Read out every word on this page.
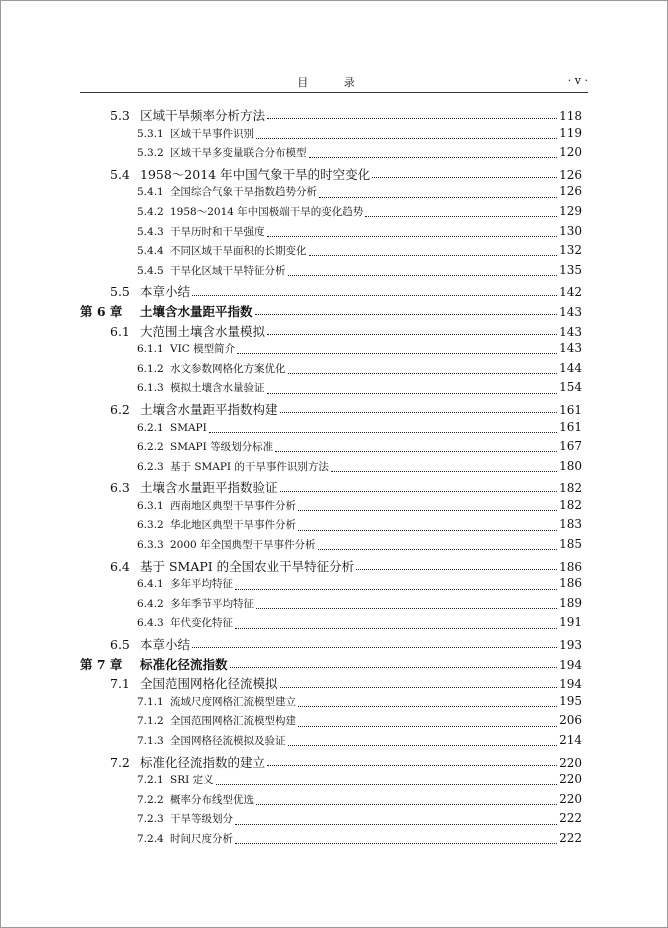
目 录	· v ·
5.3 区域干旱频率分析方法	118
5.3.1 区域干旱事件识别	119
5.3.2 区域干旱多变量联合分布模型	120
5.4 1958～2014 年中国气象干旱的时空变化	126
5.4.1 全国综合气象干旱指数趋势分析	126
5.4.2 1958～2014 年中国极端干旱的变化趋势	129
5.4.3 干旱历时和干旱强度	130
5.4.4 不同区域干旱面积的长期变化	132
5.4.5 干旱化区域干旱特征分析	135
5.5 本章小结	142
第 6 章	土壤含水量距平指数	143
6.1 大范围土壤含水量模拟	143
6.1.1 VIC 模型简介	143
6.1.2 水文参数网格化方案优化	144
6.1.3 模拟土壤含水量验证	154
6.2 土壤含水量距平指数构建	161
6.2.1 SMAPI	161
6.2.2 SMAPI 等级划分标准	167
6.2.3 基于 SMAPI 的干旱事件识别方法	180
6.3 土壤含水量距平指数验证	182
6.3.1 西南地区典型干旱事件分析	182
6.3.2 华北地区典型干旱事件分析	183
6.3.3 2000 年全国典型干旱事件分析	185
6.4 基于 SMAPI 的全国农业干旱特征分析	186
6.4.1 多年平均特征	186
6.4.2 多年季节平均特征	189
6.4.3 年代变化特征	191
6.5 本章小结	193
第 7 章	标准化径流指数	194
7.1 全国范围网格化径流模拟	194
7.1.1 流域尺度网格汇流模型建立	195
7.1.2 全国范围网格汇流模型构建	206
7.1.3 全国网格径流模拟及验证	214
7.2 标准化径流指数的建立	220
7.2.1 SRI 定义	220
7.2.2 概率分布线型优选	220
7.2.3 干旱等级划分	222
7.2.4 时间尺度分析	222
